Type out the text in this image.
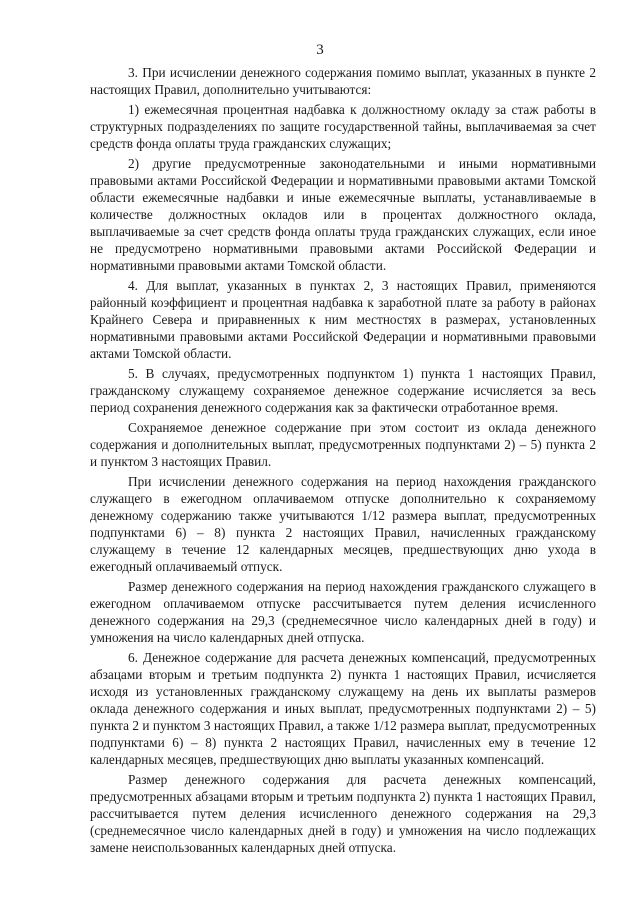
3

3. При исчислении денежного содержания помимо выплат, указанных в пункте 2 настоящих Правил, дополнительно учитываются:

1) ежемесячная процентная надбавка к должностному окладу за стаж работы в структурных подразделениях по защите государственной тайны, выплачиваемая за счет средств фонда оплаты труда гражданских служащих;

2) другие предусмотренные законодательными и иными нормативными правовыми актами Российской Федерации и нормативными правовыми актами Томской области ежемесячные надбавки и иные ежемесячные выплаты, устанавливаемые в количестве должностных окладов или в процентах должностного оклада, выплачиваемые за счет средств фонда оплаты труда гражданских служащих, если иное не предусмотрено нормативными правовыми актами Российской Федерации и нормативными правовыми актами Томской области.

4. Для выплат, указанных в пунктах 2, 3 настоящих Правил, применяются районный коэффициент и процентная надбавка к заработной плате за работу в районах Крайнего Севера и приравненных к ним местностях в размерах, установленных нормативными правовыми актами Российской Федерации и нормативными правовыми актами Томской области.

5. В случаях, предусмотренных подпунктом 1) пункта 1 настоящих Правил, гражданскому служащему сохраняемое денежное содержание исчисляется за весь период сохранения денежного содержания как за фактически отработанное время.

Сохраняемое денежное содержание при этом состоит из оклада денежного содержания и дополнительных выплат, предусмотренных подпунктами 2) – 5) пункта 2 и пунктом 3 настоящих Правил.

При исчислении денежного содержания на период нахождения гражданского служащего в ежегодном оплачиваемом отпуске дополнительно к сохраняемому денежному содержанию также учитываются 1/12 размера выплат, предусмотренных подпунктами 6) – 8) пункта 2 настоящих Правил, начисленных гражданскому служащему в течение 12 календарных месяцев, предшествующих дню ухода в ежегодный оплачиваемый отпуск.

Размер денежного содержания на период нахождения гражданского служащего в ежегодном оплачиваемом отпуске рассчитывается путем деления исчисленного денежного содержания на 29,3 (среднемесячное число календарных дней в году) и умножения на число календарных дней отпуска.

6. Денежное содержание для расчета денежных компенсаций, предусмотренных абзацами вторым и третьим подпункта 2) пункта 1 настоящих Правил, исчисляется исходя из установленных гражданскому служащему на день их выплаты размеров оклада денежного содержания и иных выплат, предусмотренных подпунктами 2) – 5) пункта 2 и пунктом 3 настоящих Правил, а также 1/12 размера выплат, предусмотренных подпунктами 6) – 8) пункта 2 настоящих Правил, начисленных ему в течение 12 календарных месяцев, предшествующих дню выплаты указанных компенсаций.

Размер денежного содержания для расчета денежных компенсаций, предусмотренных абзацами вторым и третьим подпункта 2) пункта 1 настоящих Правил, рассчитывается путем деления исчисленного денежного содержания на 29,3 (среднемесячное число календарных дней в году) и умножения на число подлежащих замене неиспользованных календарных дней отпуска.
